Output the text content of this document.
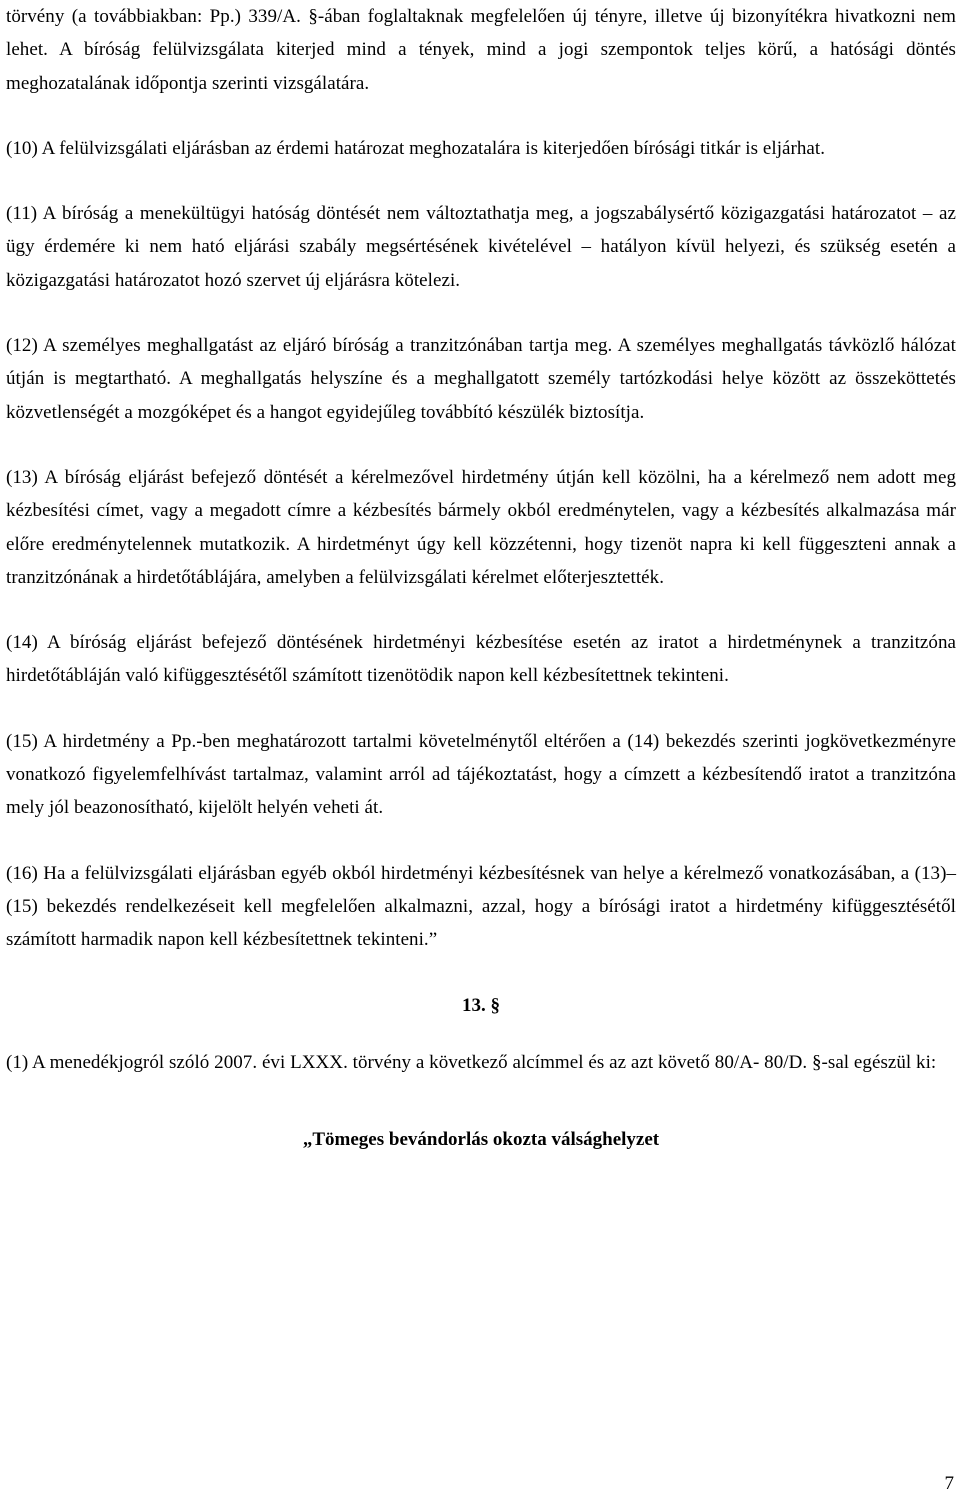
törvény (a továbbiakban: Pp.) 339/A. §-ában foglaltaknak megfelelően új tényre, illetve új bizonyítékra hivatkozni nem lehet. A bíróság felülvizsgálata kiterjed mind a tények, mind a jogi szempontok teljes körű, a hatósági döntés meghozatalának időpontja szerinti vizsgálatára.

(10) A felülvizsgálati eljárásban az érdemi határozat meghozatalára is kiterjedően bírósági titkár is eljárhat.

(11) A bíróság a menekültügyi hatóság döntését nem változtathatja meg, a jogszabálysértő közigazgatási határozatot ‒ az ügy érdemére ki nem ható eljárási szabály megsértésének kivételével ‒ hatályon kívül helyezi, és szükség esetén a közigazgatási határozatot hozó szervet új eljárásra kötelezi.

(12) A személyes meghallgatást az eljáró bíróság a tranzitzónában tartja meg. A személyes meghallgatás távközlő hálózat útján is megtartható. A meghallgatás helyszíne és a meghallgatott személy tartózkodási helye között az összeköttetés közvetlenségét a mozgóképet és a hangot egyidejűleg továbbító készülék biztosítja.

(13) A bíróság eljárást befejező döntését a kérelmezővel hirdetmény útján kell közölni, ha a kérelmező nem adott meg kézbesítési címet, vagy a megadott címre a kézbesítés bármely okból eredménytelen, vagy a kézbesítés alkalmazása már előre eredménytelennek mutatkozik. A hirdetményt úgy kell közzétenni, hogy tizenöt napra ki kell függeszteni annak a tranzitzónának a hirdetőtáblájára, amelyben a felülvizsgálati kérelmet előterjesztették.

(14) A bíróság eljárást befejező döntésének hirdetményi kézbesítése esetén az iratot a hirdetménynek a tranzitzóna hirdetőtábláján való kifüggesztésétől számított tizenötödik napon kell kézbesítettnek tekinteni.

(15) A hirdetmény a Pp.-ben meghatározott tartalmi követelménytől eltérően a (14) bekezdés szerinti jogkövetkezményre vonatkozó figyelemfelhívást tartalmaz, valamint arról ad tájékoztatást, hogy a címzett a kézbesítendő iratot a tranzitzóna mely jól beazonosítható, kijelölt helyén veheti át.

(16) Ha a felülvizsgálati eljárásban egyéb okból hirdetményi kézbesítésnek van helye a kérelmező vonatkozásában, a (13)–(15) bekezdés rendelkezéseit kell megfelelően alkalmazni, azzal, hogy a bírósági iratot a hirdetmény kifüggesztésétől számított harmadik napon kell kézbesítettnek tekinteni.”

13. §

(1) A menedékjogról szóló 2007. évi LXXX. törvény a következő alcímmel és az azt követő 80/A- 80/D. §-sal egészül ki:

„Tömeges bevándorlás okozta válsághelyzet

7
